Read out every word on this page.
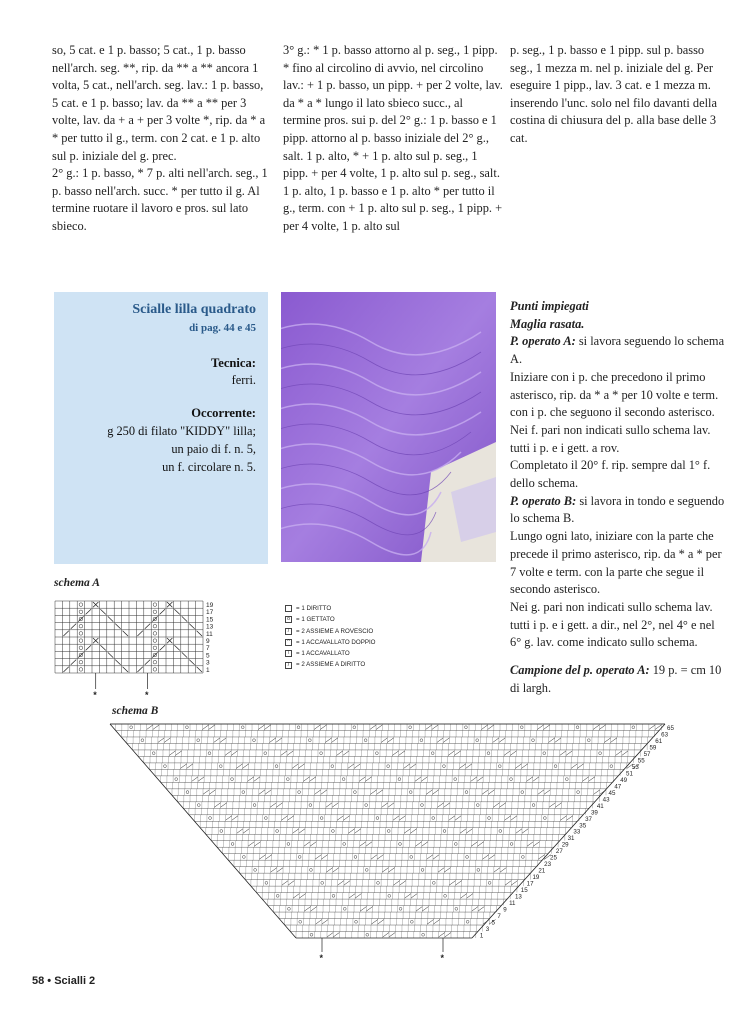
so, 5 cat. e 1 p. basso; 5 cat., 1 p. basso nell'arch. seg. **, rip. da ** a ** ancora 1 volta, 5 cat., nell'arch. seg. lav.: 1 p. basso, 5 cat. e 1 p. basso; lav. da ** a ** per 3 volte, lav. da + a + per 3 volte *, rip. da * a * per tutto il g., term. con 2 cat. e 1 p. alto sul p. iniziale del g. prec.

2° g.: 1 p. basso, * 7 p. alti nell'arch. seg., 1 p. basso nell'arch. succ. * per tutto il g. Al termine ruotare il lavoro e pros. sul lato sbieco.

3° g.: * 1 p. basso attorno al p. seg., 1 pipp. * fino al circolino di avvio, nel circolino lav.: + 1 p. basso, un pipp. + per 2 volte, lav. da * a * lungo il lato sbieco succ., al termine pros. sui p. del 2° g.: 1 p. basso e 1 pipp. attorno al p. basso iniziale del 2° g., salt. 1 p. alto, * + 1 p. alto sul p. seg., 1 pipp. + per 4 volte, 1 p. alto sul p. seg., salt. 1 p. alto, 1 p. basso e 1 p. alto * per tutto il g., term. con + 1 p. alto sul p. seg., 1 pipp. + per 4 volte, 1 p. alto sul

p. seg., 1 p. basso e 1 pipp. sul p. basso seg., 1 mezza m. nel p. iniziale del g. Per eseguire 1 pipp., lav. 3 cat. e 1 mezza m. inserendo l'unc. solo nel filo davanti della costina di chiusura del p. alla base delle 3 cat.

Scialle lilla quadrato
di pag. 44 e 45
Tecnica:
ferri.
Occorrente:
g 250 di filato "KIDDY" lilla;
un paio di f. n. 5,
un f. circolare n. 5.

Punti impiegati

Maglia rasata.

P. operato A: si lavora seguendo lo schema A.

Iniziare con i p. che precedono il primo asterisco, rip. da * a * per 10 volte e term. con i p. che seguono il secondo asterisco. Nei f. pari non indicati sullo schema lav. tutti i p. e i gett. a rov.

Completato il 20° f. rip. sempre dal 1° f. dello schema.

P. operato B: si lavora in tondo e seguendo lo schema B.

Lungo ogni lato, iniziare con la parte che precede il primo asterisco, rip. da * a * per 7 volte e term. con la parte che segue il secondo asterisco.

Nei g. pari non indicati sullo schema lav. tutti i p. e i gett. a dir., nel 2°, nel 4° e nel 6° g. lav. come indicato sullo schema.

Campione del p. operato A: 19 p. = cm 10 di largh.

schema A
19
17
15
13
11
9
7
5
3
1
*	*
= 1 DIRITTO
o = 1 GETTATO
/	= 2 ASSIEME A ROVESCIO
^	= 1 ACCAVALLATO DOPPIO
\	= 1 ACCAVALLATO
/	= 2 ASSIEME A DIRITTO
schema B
65
63
61
59
57
55
53
51
49
47
45
43
41
39
37
35
33
31
29
27
25
23
21
19
17
15
13
11
9
7
5
3
1
*	*
58 • Scialli 2
